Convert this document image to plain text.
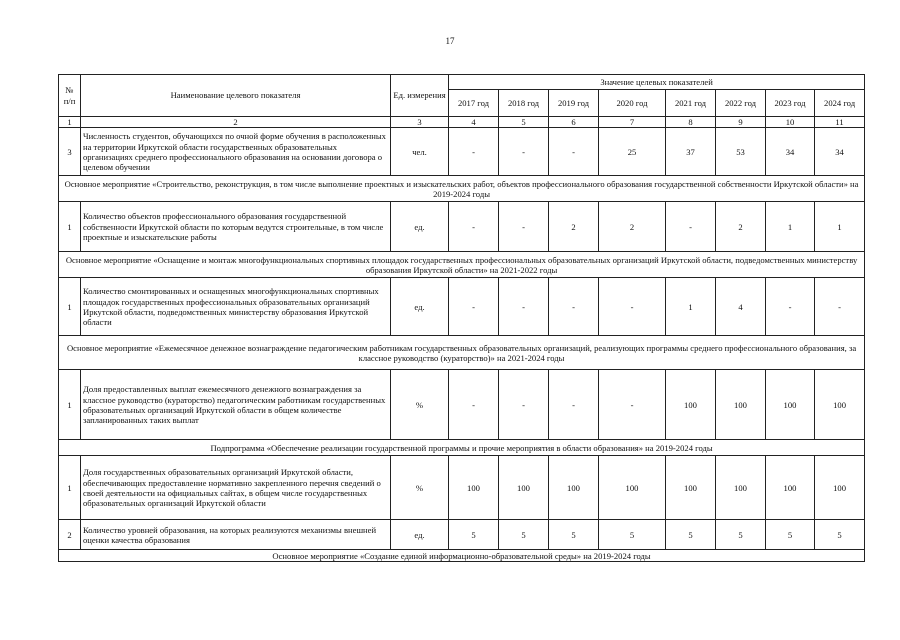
17
№ п/п	Наименование целевого показателя	Ед. измерения	Значение целевых показателей							
			2017 год	2018 год	2019 год	2020 год	2021 год	2022 год	2023 год	2024 год
1	2	3	4	5	6	7	8	9	10	11
3	Численность студентов, обучающихся по очной форме обучения в расположенных на территории Иркутской области государственных образовательных организациях среднего профессионального образования на основании договора о целевом обучении	чел.	-	-	-	25	37	53	34	34
Основное мероприятие «Строительство, реконструкция, в том числе выполнение проектных и изыскательских работ, объектов профессионального образования государственной собственности Иркутской области» на 2019-2024 годы										
1	Количество объектов профессионального образования государственной собственности Иркутской области по которым ведутся строительные, в том числе проектные и изыскательские работы	ед.	-	-	2	2	-	2	1	1
Основное мероприятие «Оснащение и монтаж многофункциональных спортивных площадок государственных профессиональных образовательных организаций Иркутской области, подведомственных министерству образования Иркутской области» на 2021-2022 годы										
1	Количество смонтированных и оснащенных многофункциональных спортивных площадок государственных профессиональных образовательных организаций Иркутской области, подведомственных министерству образования Иркутской области	ед.	-	-	-	-	1	4	-	-
Основное мероприятие «Ежемесячное денежное вознаграждение педагогическим работникам государственных образовательных организаций, реализующих программы среднего профессионального образования, за классное руководство (кураторство)» на 2021-2024 годы										
1	Доля предоставленных выплат ежемесячного денежного вознаграждения за классное руководство (кураторство) педагогическим работникам государственных образовательных организаций Иркутской области в общем количестве запланированных таких выплат	%	-	-	-	-	100	100	100	100
Подпрограмма «Обеспечение реализации государственной программы и прочие мероприятия в области образования» на 2019-2024 годы										
1	Доля государственных образовательных организаций Иркутской области, обеспечивающих предоставление нормативно закрепленного перечня сведений о своей деятельности на официальных сайтах, в общем числе государственных образовательных организаций Иркутской области	%	100	100	100	100	100	100	100	100
2	Количество уровней образования, на которых реализуются механизмы внешней оценки качества образования	ед.	5	5	5	5	5	5	5	5
Основное мероприятие «Создание единой информационно-образовательной среды» на 2019-2024 годы										
